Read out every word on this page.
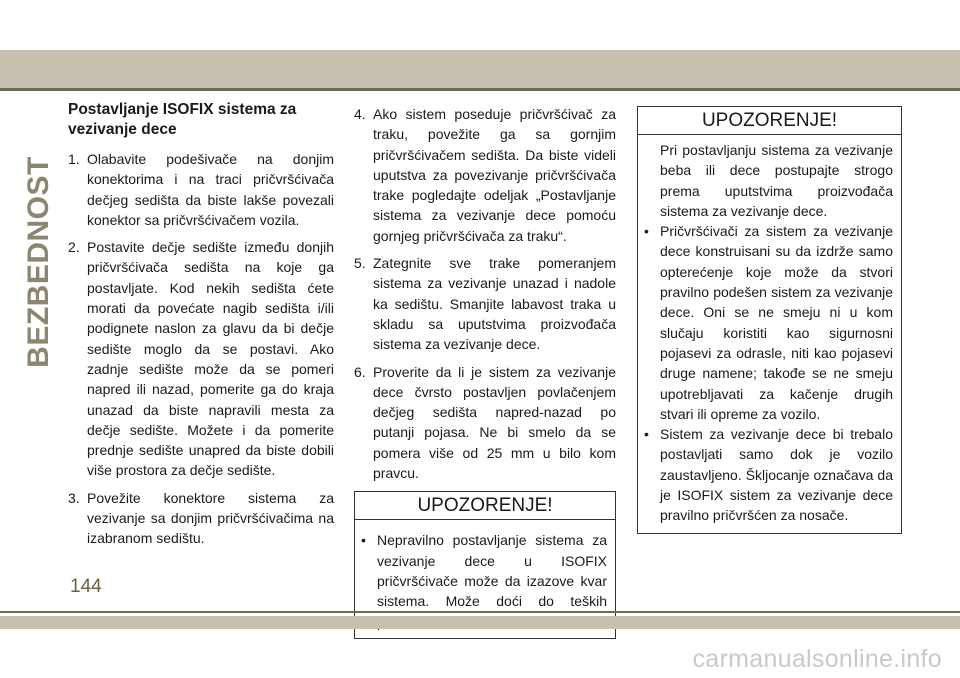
BEZBEDNOST
Postavljanje ISOFIX sistema za vezivanje dece
1. Olabavite podešivače na donjim konektorima i na traci pričvršćivača dečjeg sedišta da biste lakše povezali konektor sa pričvršćivačem vozila.
2. Postavite dečje sedište između donjih pričvršćivača sedišta na koje ga postavljate. Kod nekih sedišta ćete morati da povećate nagib sedišta i/ili podignete naslon za glavu da bi dečje sedište moglo da se postavi. Ako zadnje sedište može da se pomeri napred ili nazad, pomerite ga do kraja unazad da biste napravili mesta za dečje sedište. Možete i da pomerite prednje sedište unapred da biste dobili više prostora za dečje sedište.
3. Povežite konektore sistema za vezivanje sa donjim pričvršćivačima na izabranom sedištu.
4. Ako sistem poseduje pričvršćivač za traku, povežite ga sa gornjim pričvršćivačem sedišta. Da biste videli uputstva za povezivanje pričvršćivača trake pogledajte odeljak „Postavljanje sistema za vezivanje dece pomoću gornjeg pričvršćivača za traku“.
5. Zategnite sve trake pomeranjem sistema za vezivanje unazad i nadole ka sedištu. Smanjite labavost traka u skladu sa uputstvima proizvođača sistema za vezivanje dece.
6. Proverite da li je sistem za vezivanje dece čvrsto postavljen povlačenjem dečjeg sedišta napred-nazad po putanji pojasa. Ne bi smelo da se pomera više od 25 mm u bilo kom pravcu.
UPOZORENJE!
• Nepravilno postavljanje sistema za vezivanje dece u ISOFIX pričvršćivače može da izazove kvar sistema. Može doći do teških
UPOZORENJE!
Pri postavljanju sistema za vezivanje beba ili dece postupajte strogo prema uputstvima proizvođača sistema za vezivanje dece.
• Pričvršćivači za sistem za vezivanje dece konstruisani su da izdrže samo opterećenje koje može da stvori pravilno podešen sistem za vezivanje dece. Oni se ne smeju ni u kom slučaju koristiti kao sigurnosni pojasevi za odrasle, niti kao pojasevi druge namene; takođe se ne smeju upotrebljavati za kačenje drugih stvari ili opreme za vozilo.
• Sistem za vezivanje dece bi trebalo postavljati samo dok je vozilo zaustavljeno. Škljocanje označava da je ISOFIX sistem za vezivanje dece pravilno pričvršćen za nosače.
144
carmanualsonline.info
